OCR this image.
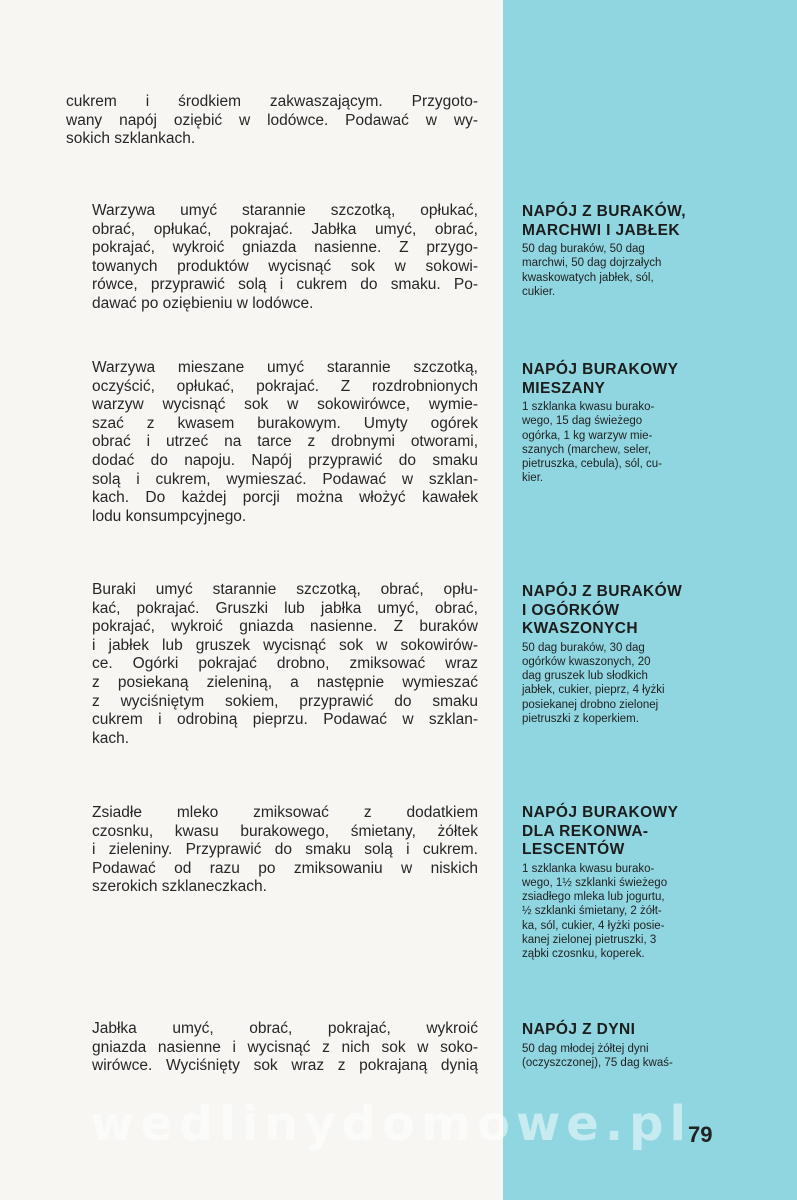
cukrem i środkiem zakwaszającym. Przygoto-
wany napój oziębić w lodówce. Podawać w wy-
sokich szklankach.
Warzywa umyć starannie szczotką, opłukać,
obrać, opłukać, pokrajać. Jabłka umyć, obrać,
pokrajać, wykroić gniazda nasienne. Z przygo-
towanych produktów wycisnąć sok w sokowi-
rówce, przyprawić solą i cukrem do smaku. Po-
dawać po oziębieniu w lodówce.
Warzywa mieszane umyć starannie szczotką,
oczyścić, opłukać, pokrajać. Z rozdrobnionych
warzyw wycisnąć sok w sokowirówce, wymie-
szać z kwasem burakowym. Umyty ogórek
obrać i utrzeć na tarce z drobnymi otworami,
dodać do napoju. Napój przyprawić do smaku
solą i cukrem, wymieszać. Podawać w szklan-
kach. Do każdej porcji można włożyć kawałek
lodu konsumpcyjnego.
Buraki umyć starannie szczotką, obrać, opłu-
kać, pokrajać. Gruszki lub jabłka umyć, obrać,
pokrajać, wykroić gniazda nasienne. Z buraków
i jabłek lub gruszek wycisnąć sok w sokowirów-
ce. Ogórki pokrajać drobno, zmiksować wraz
z posiekaną zieleniną, a następnie wymieszać
z wyciśniętym sokiem, przyprawić do smaku
cukrem i odrobiną pieprzu. Podawać w szklan-
kach.
Zsiadłe mleko zmiksować z dodatkiem
czosnku, kwasu burakowego, śmietany, żółtek
i zieleniny. Przyprawić do smaku solą i cukrem.
Podawać od razu po zmiksowaniu w niskich
szerokich szklaneczkach.
Jabłka umyć, obrać, pokrajać, wykroić
gniazda nasienne i wycisnąć z nich sok w soko-
wirówce. Wyciśnięty sok wraz z pokrajaną dynią
NAPÓJ Z BURAKÓW,
MARCHWI I JABŁEK

50 dag buraków, 50 dag
marchwi, 50 dag dojrzałych
kwaskowatych jabłek, sól,
cukier.

NAPÓJ BURAKOWY
MIESZANY

1 szklanka kwasu burako-
wego, 15 dag świeżego
ogórka, 1 kg warzyw mie-
szanych (marchew, seler,
pietruszka, cebula), sól, cu-
kier.

NAPÓJ Z BURAKÓW
I OGÓRKÓW
KWASZONYCH

50 dag buraków, 30 dag
ogórków kwaszonych, 20
dag gruszek lub słodkich
jabłek, cukier, pieprz, 4 łyżki
posiekanej drobno zielonej
pietruszki z koperkiem.

NAPÓJ BURAKOWY
DLA REKONWA-
LESCENTÓW

1 szklanka kwasu burako-
wego, 1½ szklanki świeżego
zsiadłego mleka lub jogurtu,
½ szklanki śmietany, 2 żółt-
ka, sól, cukier, 4 łyżki posie-
kanej zielonej pietruszki, 3
ząbki czosnku, koperek.

NAPÓJ Z DYNI

50 dag młodej żółtej dyni
(oczyszczonej), 75 dag kwaś-

wedlinydomowe.pl
79
